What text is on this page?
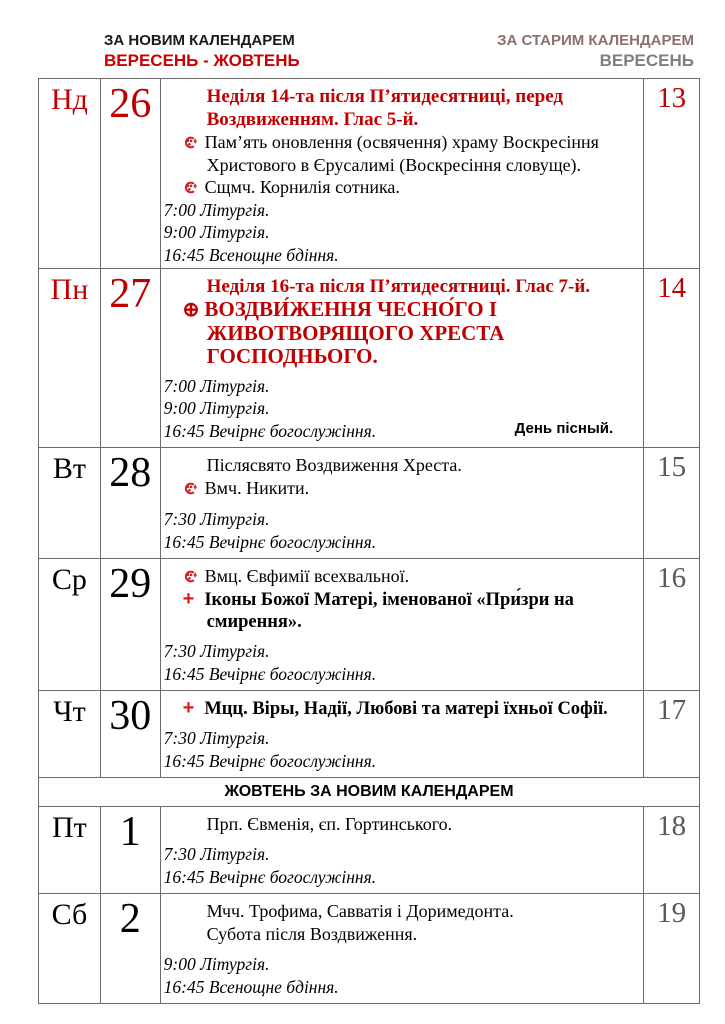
ЗА НОВИМ КАЛЕНДАРЕМ
ВЕРЕСЕНЬ - ЖОВТЕНЬ
ЗА СТАРИМ КАЛЕНДАРЕМ
ВЕРЕСЕНЬ
Нд 26	Неділя 14-та після П’ятидесятниці, перед Воздвиженням. Глас 5-й.
Пам’ять оновлення (освячення) храму Воскресіння Христового в Єрусалимі (Воскресіння словуще).
Сщмч. Корнилія сотника.
7:00 Літургія.
9:00 Літургія.
16:45 Всенощне бдіння.
13
Пн 27	Неділя 16-та після П’ятидесятниці. Глас 7-й.
⊕ ВОЗДВИ́ЖЕННЯ ЧЕСНО́ГО І ЖИВОТВОРЯЩОГО ХРЕСТА ГОСПОДНЬОГО.
7:00 Літургія.
9:00 Літургія.
16:45 Вечірнє богослужіння.	День пісный.
14
Вт 28	Післясвято Воздвиження Хреста.
Вмч. Никити.
7:30 Літургія.
16:45 Вечірнє богослужіння.
15
Ср 29	Вмц. Євфимії всехвальної.
+ Іконы Божої Матері, іменованої «При́зри на смирення».
7:30 Літургія.
16:45 Вечірнє богослужіння.
16
Чт 30	+ Мцц. Віры, Надії, Любові та матері їхньої Софії.
7:30 Літургія.
16:45 Вечірнє богослужіння.
17
ЖОВТЕНЬ ЗА НОВИМ КАЛЕНДАРЕМ
Пт 1	Прп. Євменія, єп. Гортинського.
7:30 Літургія.
16:45 Вечірнє богослужіння.
18
Сб 2	Мчч. Трофима, Савватія і Доримедонта.
Субота після Воздвиження.
9:00 Літургія.
16:45 Всенощне бдіння.
19
